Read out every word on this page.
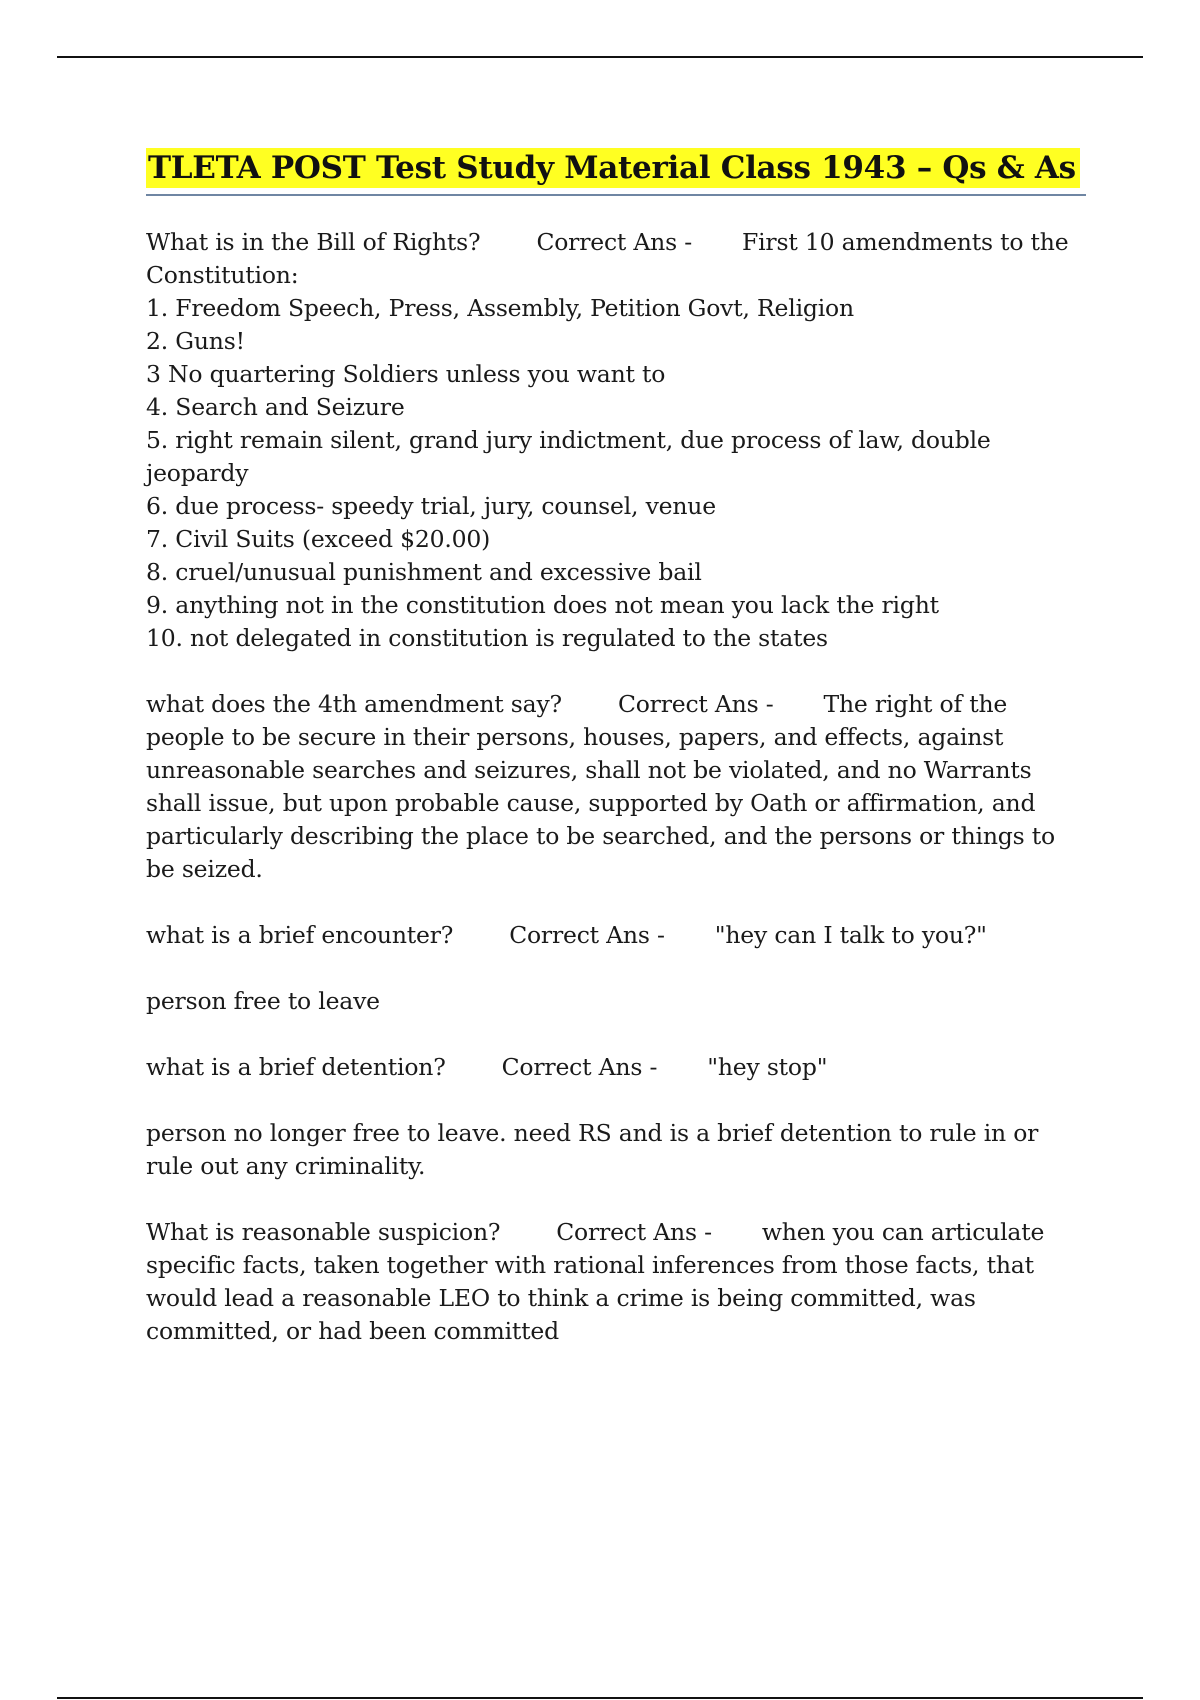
TLETA POST Test Study Material Class 1943 – Qs & As

What is in the Bill of Rights? Correct Ans - First 10 amendments to the Constitution:

1. Freedom Speech, Press, Assembly, Petition Govt, Religion

2. Guns!

3 No quartering Soldiers unless you want to

4. Search and Seizure

5. right remain silent, grand jury indictment, due process of law, double jeopardy

6. due process- speedy trial, jury, counsel, venue

7. Civil Suits (exceed $20.00)

8. cruel/unusual punishment and excessive bail

9. anything not in the constitution does not mean you lack the right

10. not delegated in constitution is regulated to the states

what does the 4th amendment say? Correct Ans - The right of the people to be secure in their persons, houses, papers, and effects, against unreasonable searches and seizures, shall not be violated, and no Warrants shall issue, but upon probable cause, supported by Oath or affirmation, and particularly describing the place to be searched, and the persons or things to be seized.

what is a brief encounter? Correct Ans - "hey can I talk to you?"

person free to leave

what is a brief detention? Correct Ans - "hey stop"

person no longer free to leave. need RS and is a brief detention to rule in or rule out any criminality.

What is reasonable suspicion? Correct Ans - when you can articulate specific facts, taken together with rational inferences from those facts, that would lead a reasonable LEO to think a crime is being committed, was committed, or had been committed
